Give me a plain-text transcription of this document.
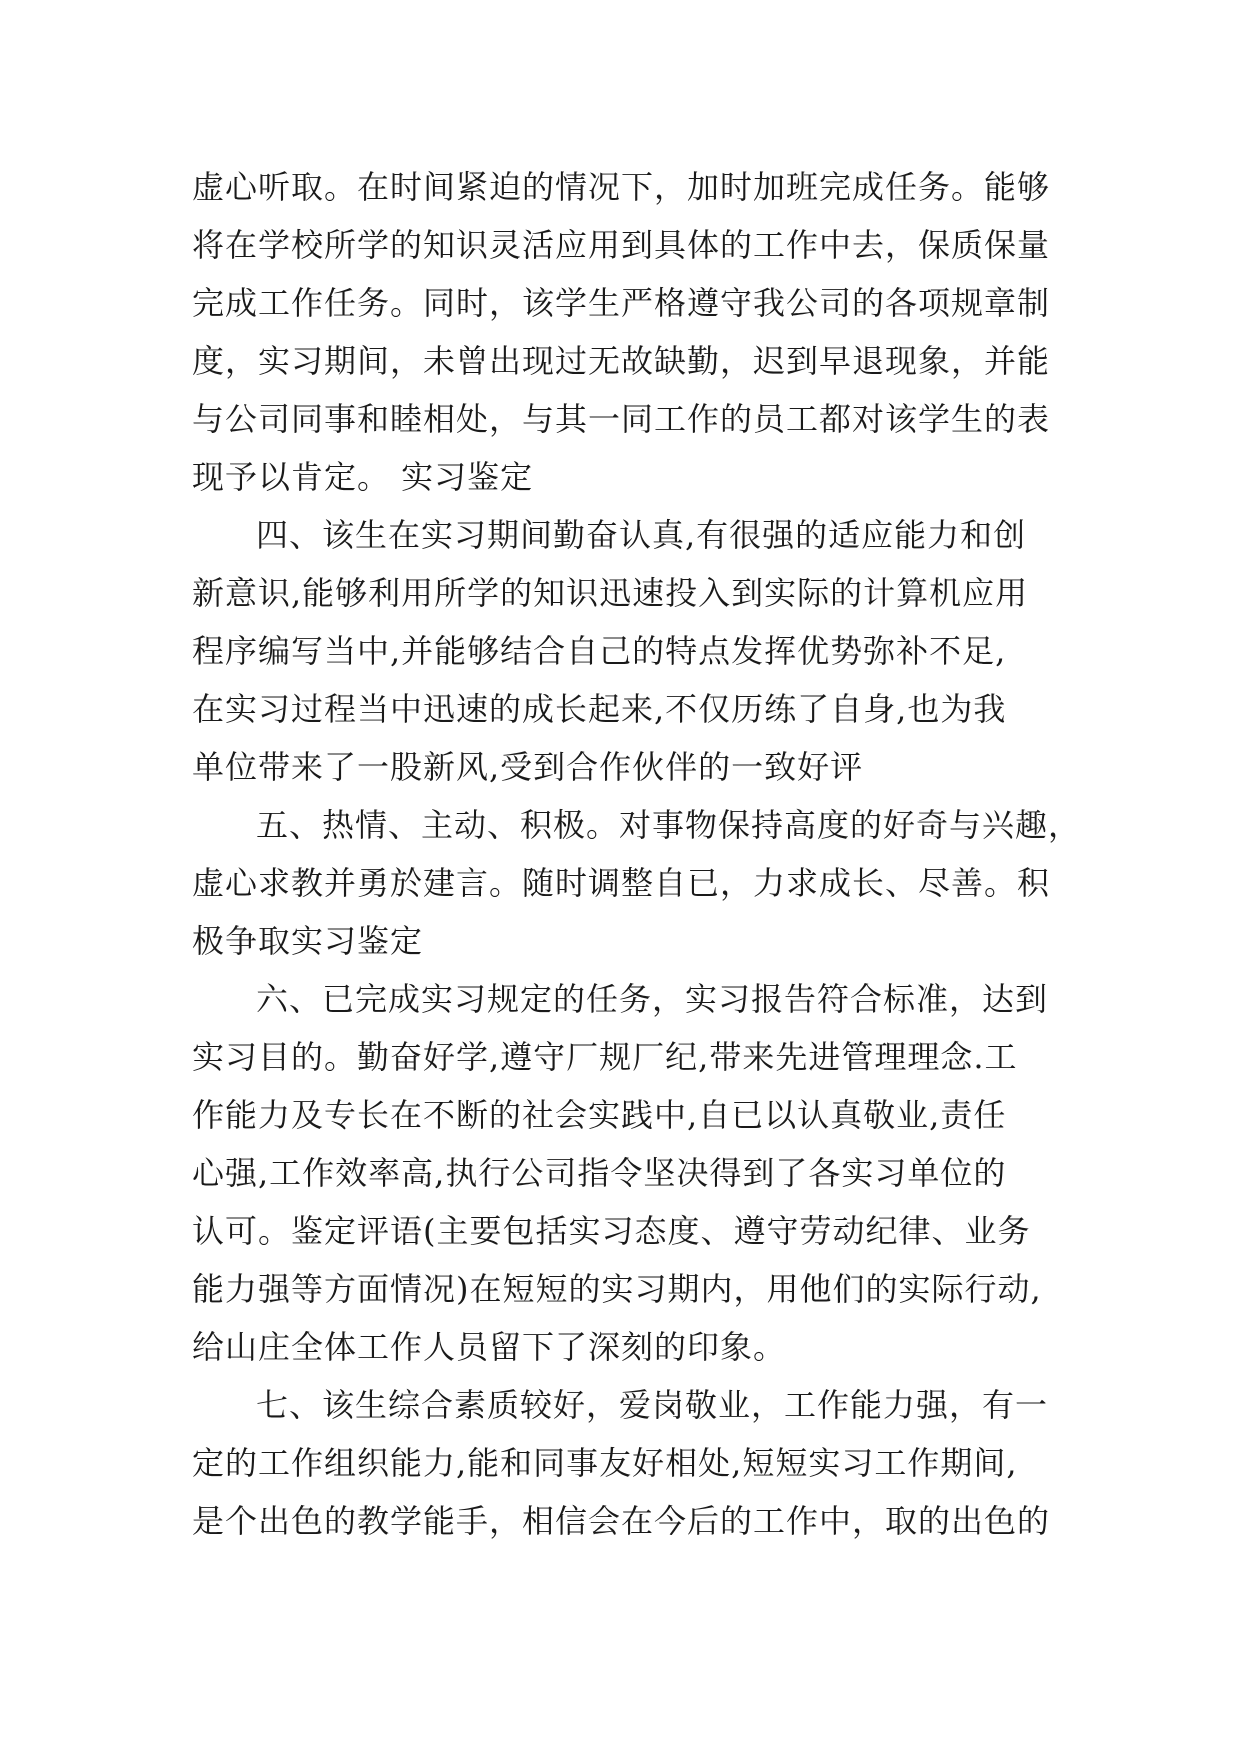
虚心听取。在时间紧迫的情况下，加时加班完成任务。能够
将在学校所学的知识灵活应用到具体的工作中去，保质保量
完成工作任务。同时，该学生严格遵守我公司的各项规章制
度，实习期间，未曾出现过无故缺勤，迟到早退现象，并能
与公司同事和睦相处，与其一同工作的员工都对该学生的表
现予以肯定。 实习鉴定

四、该生在实习期间勤奋认真,有很强的适应能力和创
新意识,能够利用所学的知识迅速投入到实际的计算机应用
程序编写当中,并能够结合自己的特点发挥优势弥补不足,
在实习过程当中迅速的成长起来,不仅历练了自身,也为我
单位带来了一股新风,受到合作伙伴的一致好评

五、热情、主动、积极。对事物保持高度的好奇与兴趣，
虚心求教并勇於建言。随时调整自已，力求成长、尽善。积
极争取实习鉴定

六、已完成实习规定的任务，实习报告符合标准，达到
实习目的。勤奋好学,遵守厂规厂纪,带来先进管理理念.工
作能力及专长在不断的社会实践中,自已以认真敬业,责任
心强,工作效率高,执行公司指令坚决得到了各实习单位的
认可。鉴定评语(主要包括实习态度、遵守劳动纪律、业务
能力强等方面情况)在短短的实习期内，用他们的实际行动,
给山庄全体工作人员留下了深刻的印象。

七、该生综合素质较好，爱岗敬业，工作能力强，有一
定的工作组织能力,能和同事友好相处,短短实习工作期间,
是个出色的教学能手，相信会在今后的工作中，取的出色的
